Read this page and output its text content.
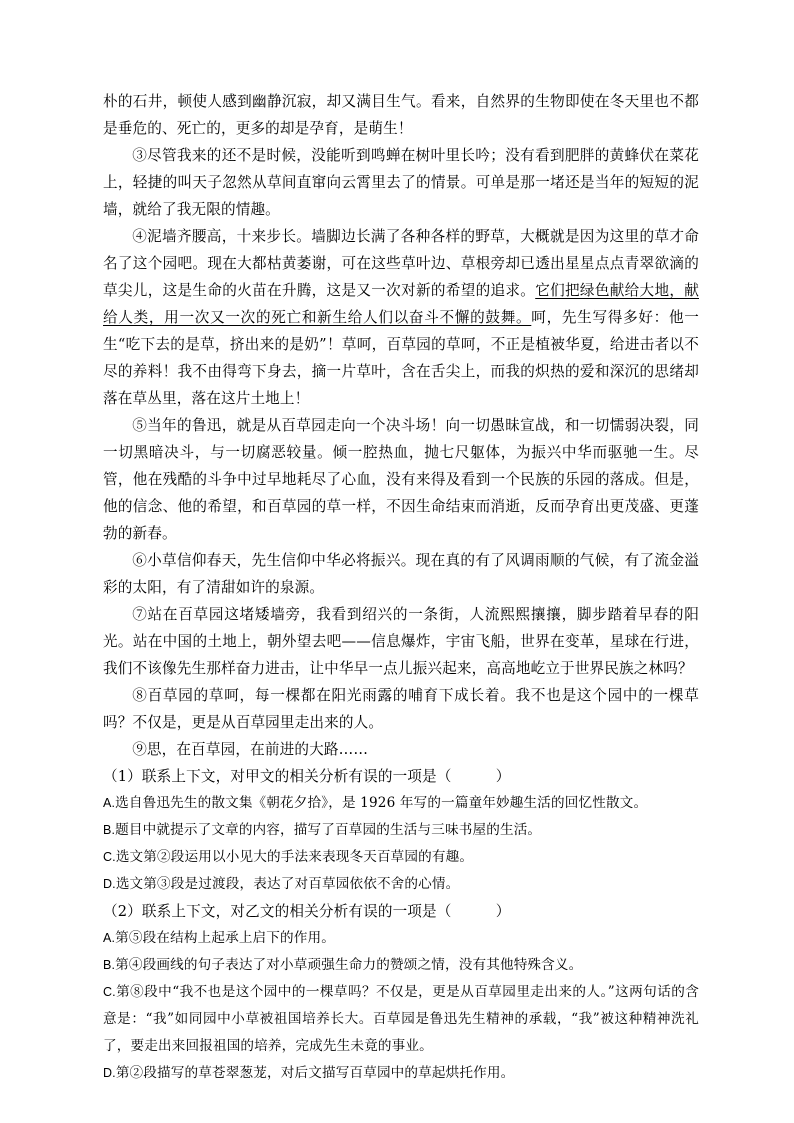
朴的石井，顿使人感到幽静沉寂，却又满目生气。看来，自然界的生物即使在冬天里也不都是垂危的、死亡的，更多的却是孕育，是萌生！

③尽管我来的还不是时候，没能听到鸣蝉在树叶里长吟；没有看到肥胖的黄蜂伏在菜花上，轻捷的叫天子忽然从草间直窜向云霄里去了的情景。可单是那一堵还是当年的短短的泥墙，就给了我无限的情趣。

④泥墙齐腰高，十来步长。墙脚边长满了各种各样的野草，大概就是因为这里的草才命名了这个园吧。现在大都枯黄萎谢，可在这些草叶边、草根旁却已透出星星点点青翠欲滴的草尖儿，这是生命的火苗在升腾，这是又一次对新的希望的追求。它们把绿色献给大地，献给人类，用一次又一次的死亡和新生给人们以奋斗不懈的鼓舞。呵，先生写得多好：他一生“吃下去的是草，挤出来的是奶”！草呵，百草园的草呵，不正是植被华夏，给进击者以不尽的养料！我不由得弯下身去，摘一片草叶，含在舌尖上，而我的炽热的爱和深沉的思绪却落在草丛里，落在这片土地上！

⑤当年的鲁迅，就是从百草园走向一个决斗场！向一切愚昧宣战，和一切懦弱决裂，同一切黑暗决斗，与一切腐恶较量。倾一腔热血，抛七尺躯体，为振兴中华而驱驰一生。尽管，他在残酷的斗争中过早地耗尽了心血，没有来得及看到一个民族的乐园的落成。但是，他的信念、他的希望，和百草园的草一样，不因生命结束而消逝，反而孕育出更茂盛、更蓬勃的新春。

⑥小草信仰春天，先生信仰中华必将振兴。现在真的有了风调雨顺的气候，有了流金溢彩的太阳，有了清甜如许的泉源。

⑦站在百草园这堵矮墙旁，我看到绍兴的一条街，人流熙熙攘攘，脚步踏着早春的阳光。站在中国的土地上，朝外望去吧——信息爆炸，宇宙飞船，世界在变革，星球在行进，我们不该像先生那样奋力进击，让中华早一点儿振兴起来，高高地屹立于世界民族之林吗？

⑧百草园的草呵，每一棵都在阳光雨露的哺育下成长着。我不也是这个园中的一棵草吗？不仅是，更是从百草园里走出来的人。

⑨思，在百草园，在前进的大路……

（1）联系上下文，对甲文的相关分析有误的一项是（　　　）

A.选自鲁迅先生的散文集《朝花夕拾》，是 1926 年写的一篇童年妙趣生活的回忆性散文。

B.题目中就提示了文章的内容，描写了百草园的生活与三味书屋的生活。

C.选文第②段运用以小见大的手法来表现冬天百草园的有趣。

D.选文第③段是过渡段，表达了对百草园依依不舍的心情。

（2）联系上下文，对乙文的相关分析有误的一项是（　　　）

A.第⑤段在结构上起承上启下的作用。

B.第④段画线的句子表达了对小草顽强生命力的赞颂之情，没有其他特殊含义。

C.第⑧段中“我不也是这个园中的一棵草吗？不仅是，更是从百草园里走出来的人。”这两句话的含意是：“我”如同园中小草被祖国培养长大。百草园是鲁迅先生精神的承载，“我”被这种精神洗礼了，要走出来回报祖国的培养，完成先生未竟的事业。

D.第②段描写的草苍翠葱茏，对后文描写百草园中的草起烘托作用。
